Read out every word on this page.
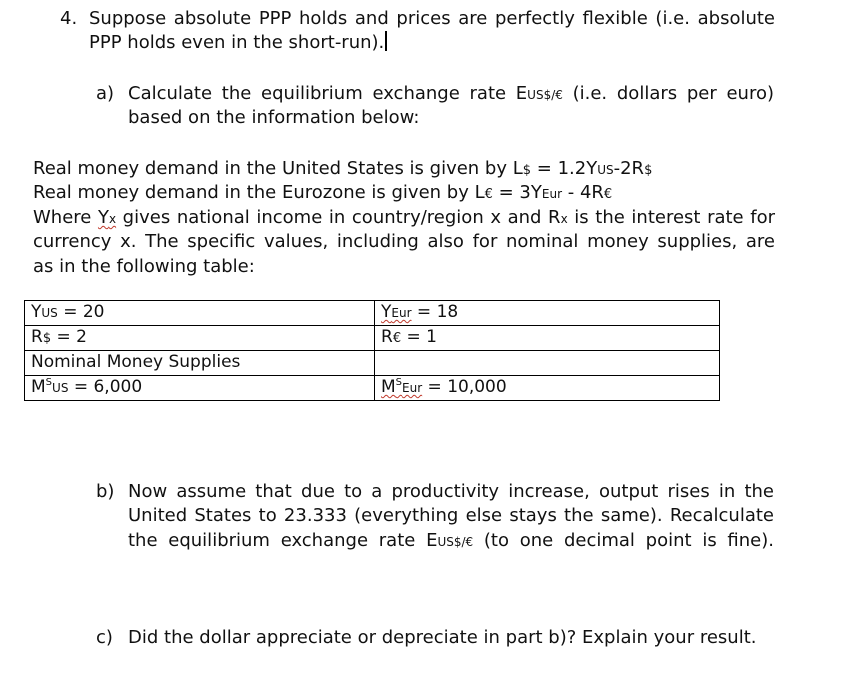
4. Suppose absolute PPP holds and prices are perfectly flexible (i.e. absolute
PPP holds even in the short-run).
a) Calculate the equilibrium exchange rate EUS$/€ (i.e. dollars per euro)
based on the information below:
Real money demand in the United States is given by L$ = 1.2YUS-2R$
Real money demand in the Eurozone is given by L€ = 3YEur - 4R€
Where Yx gives national income in country/region x and Rx is the interest rate for
currency x. The specific values, including also for nominal money supplies, are
as in the following table:
YUS = 20	YEur = 18
R$ = 2	R€ = 1
Nominal Money Supplies	
$M^SUS = 6,000$	$M^SEur = 10,000$
b) Now assume that due to a productivity increase, output rises in the
United States to 23.333 (everything else stays the same). Recalculate
the equilibrium exchange rate EUS$/€ (to one decimal point is fine).
c) Did the dollar appreciate or depreciate in part b)? Explain your result.
